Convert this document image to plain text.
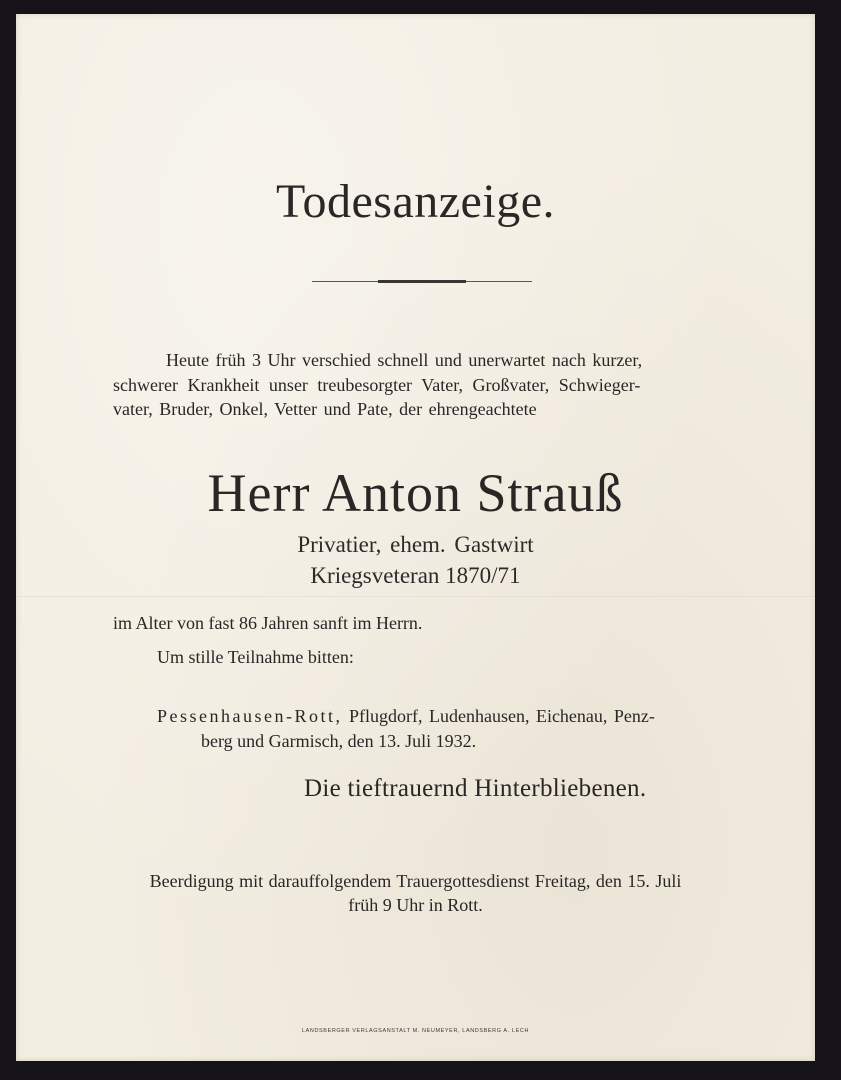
Todesanzeige.
Heute früh 3 Uhr verschied schnell und unerwartet nach kurzer,
schwerer Krankheit unser treubesorgter Vater, Großvater, Schwieger-
vater, Bruder, Onkel, Vetter und Pate, der ehrengeachtete
Herr Anton Strauß
Privatier, ehem. Gastwirt
Kriegsveteran 1870/71
im Alter von fast 86 Jahren sanft im Herrn.
Um stille Teilnahme bitten:
Pessenhausen-Rott, Pflugdorf, Ludenhausen, Eichenau, Penz-
berg und Garmisch, den 13. Juli 1932.
Die tieftrauernd Hinterbliebenen.
Beerdigung mit darauffolgendem Trauergottesdienst Freitag, den 15. Juli
früh 9 Uhr in Rott.
LANDSBERGER VERLAGSANSTALT M. NEUMEYER, LANDSBERG A. LECH
